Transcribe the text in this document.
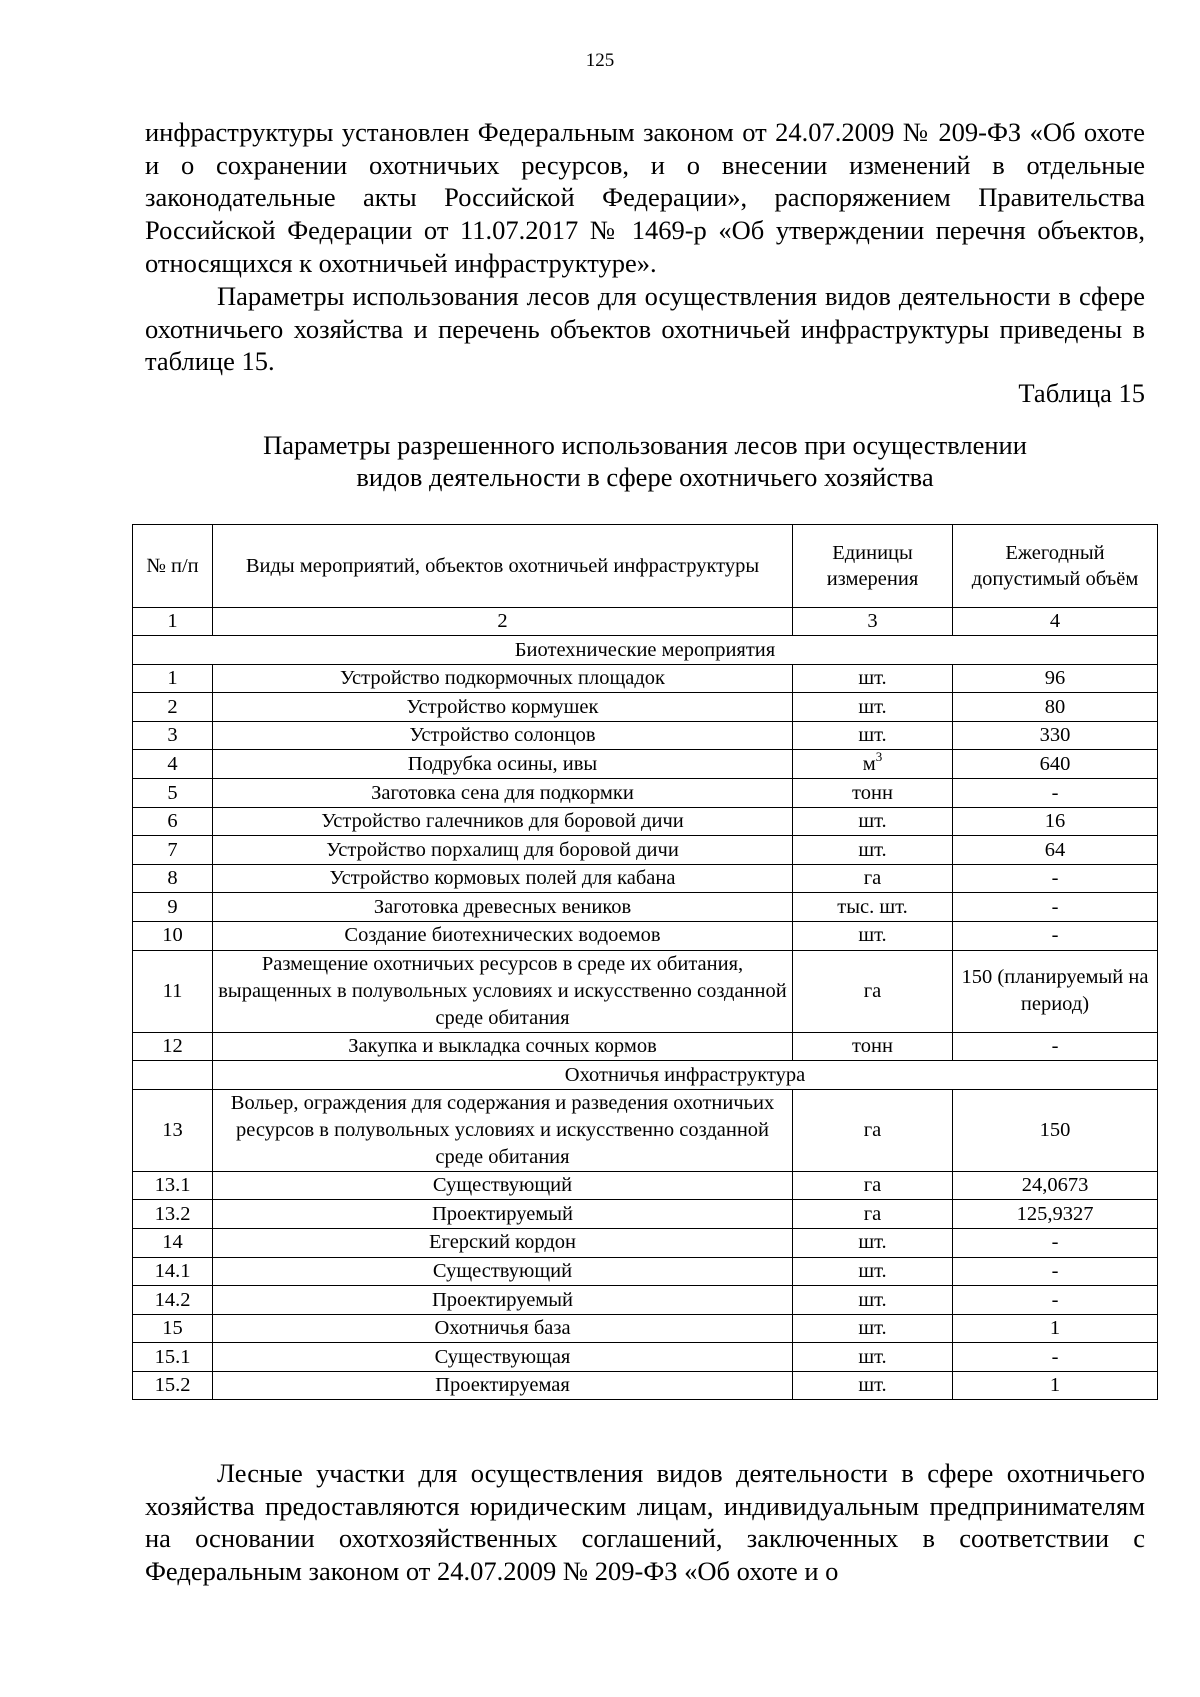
125

инфраструктуры установлен Федеральным законом от 24.07.2009 № 209-ФЗ «Об охоте и о сохранении охотничьих ресурсов, и о внесении изменений в отдельные законодательные акты Российской Федерации», распоряжением Правительства Российской Федерации от 11.07.2017 № 1469-р «Об утверждении перечня объектов, относящихся к охотничьей инфраструктуре».

Параметры использования лесов для осуществления видов деятельности в сфере охотничьего хозяйства и перечень объектов охотничьей инфраструктуры приведены в таблице 15.

Таблица 15
Параметры разрешенного использования лесов при осуществлении
видов деятельности в сфере охотничьего хозяйства
№ п/п	Виды мероприятий, объектов охотничьей инфраструктуры	Единицы измерения	Ежегодный допустимый объём
1	2	3	4
Биотехнические мероприятия			
1	Устройство подкормочных площадок	шт.	96
2	Устройство кормушек	шт.	80
3	Устройство солонцов	шт.	330
4	Подрубка осины, ивы	$м^3$	640
5	Заготовка сена для подкормки	тонн	-
6	Устройство галечников для боровой дичи	шт.	16
7	Устройство порхалищ для боровой дичи	шт.	64
8	Устройство кормовых полей для кабана	га	-
9	Заготовка древесных веников	тыс. шт.	-
10	Создание биотехнических водоемов	шт.	-
11	Размещение охотничьих ресурсов в среде их обитания, выращенных в полувольных условиях и искусственно созданной среде обитания	га	150 (планируемый на период)
12	Закупка и выкладка сочных кормов	тонн	-
	Охотничья инфраструктура		
13	Вольер, ограждения для содержания и разведения охотничьих ресурсов в полувольных условиях и искусственно созданной среде обитания	га	150
13.1	Существующий	га	24,0673
13.2	Проектируемый	га	125,9327
14	Егерский кордон	шт.	-
14.1	Существующий	шт.	-
14.2	Проектируемый	шт.	-
15	Охотничья база	шт.	1
15.1	Существующая	шт.	-
15.2	Проектируемая	шт.	1

Лесные участки для осуществления видов деятельности в сфере охотничьего хозяйства предоставляются юридическим лицам, индивидуальным предпринимателям на основании охотхозяйственных соглашений, заключенных в соответствии с Федеральным законом от 24.07.2009 № 209-ФЗ «Об охоте и о
